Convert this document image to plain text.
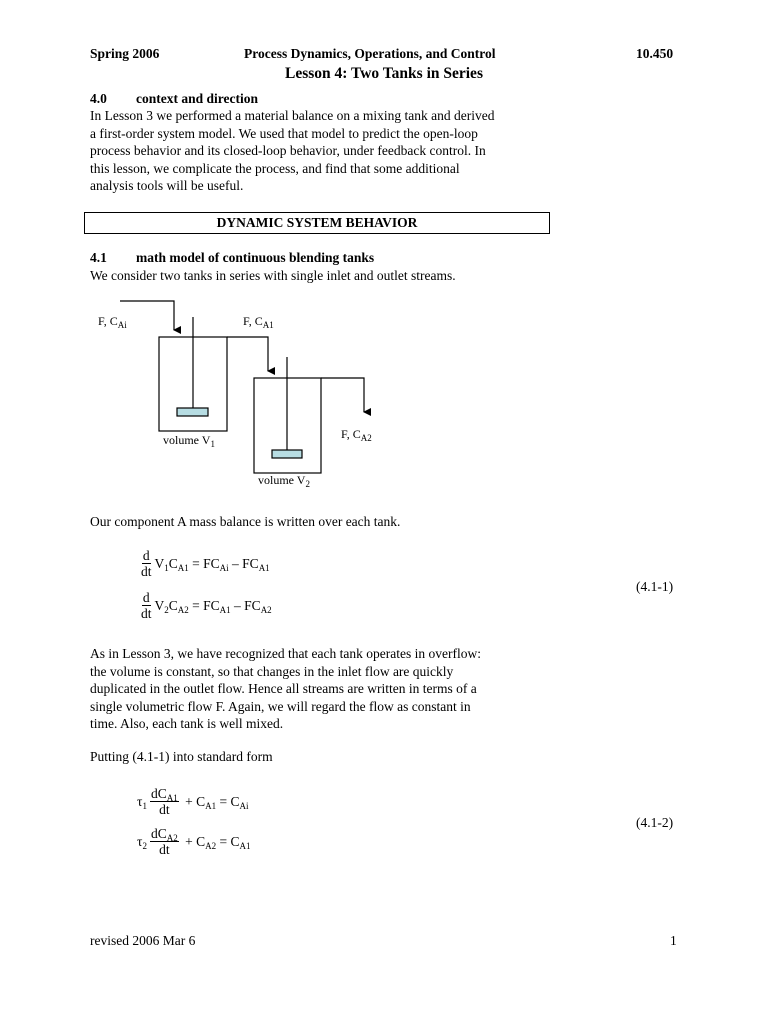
Spring 2006	Process Dynamics, Operations, and Control	10.450
Lesson 4: Two Tanks in Series
4.0 context and direction

In Lesson 3 we performed a material balance on a mixing tank and derived

a first-order system model. We used that model to predict the open-loop

process behavior and its closed-loop behavior, under feedback control. In

this lesson, we complicate the process, and find that some additional

analysis tools will be useful.

DYNAMIC SYSTEM BEHAVIOR
4.1 math model of continuous blending tanks
We consider two tanks in series with single inlet and outlet streams.
F, $C_{Ai}$	F, $C_{A1}$
F, $C_{A2}$
volume $V_1$
volume $V_2$
Our component A mass balance is written over each tank.
$\frac{d}{dt} V_1C_{A1} = FC_{Ai} - FC_{A1}$
$\frac{d}{dt} V_2C_{A2} = FC_{A1} - FC_{A2}$
(4.1-1)

As in Lesson 3, we have recognized that each tank operates in overflow:

the volume is constant, so that changes in the inlet flow are quickly

duplicated in the outlet flow. Hence all streams are written in terms of a

single volumetric flow F. Again, we will regard the flow as constant in

time. Also, each tank is well mixed.

Putting (4.1-1) into standard form
$\tau_1 \frac{dC_{A1}}{dt} + C_{A1} = C_{Ai}$
$\tau_2 \frac{dC_{A2}}{dt} + C_{A2} = C_{A1}$
(4.1-2)
revised 2006 Mar 6	1
